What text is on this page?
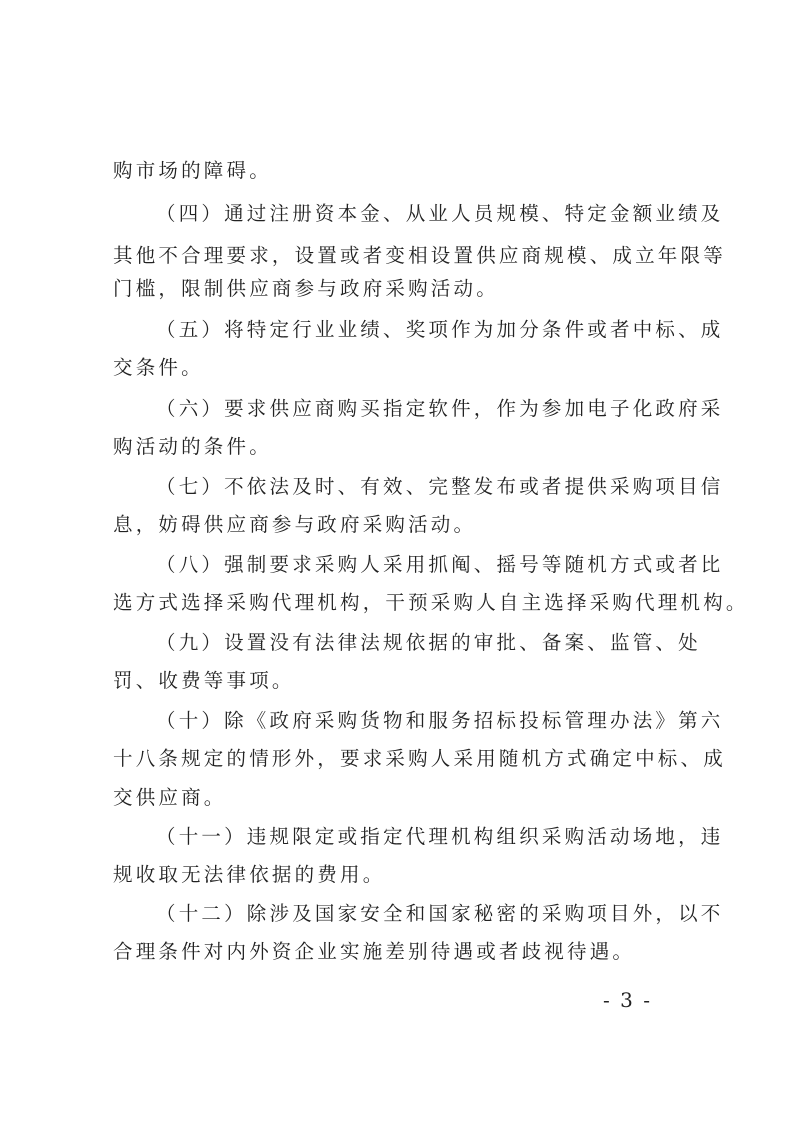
购市场的障碍。
（四）通过注册资本金、从业人员规模、特定金额业绩及
其他不合理要求，设置或者变相设置供应商规模、成立年限等
门槛，限制供应商参与政府采购活动。
（五）将特定行业业绩、奖项作为加分条件或者中标、成
交条件。
（六）要求供应商购买指定软件，作为参加电子化政府采
购活动的条件。
（七）不依法及时、有效、完整发布或者提供采购项目信
息，妨碍供应商参与政府采购活动。
（八）强制要求采购人采用抓阄、摇号等随机方式或者比
选方式选择采购代理机构，干预采购人自主选择采购代理机构。
（九）设置没有法律法规依据的审批、备案、监管、处
罚、收费等事项。
（十）除《政府采购货物和服务招标投标管理办法》第六
十八条规定的情形外，要求采购人采用随机方式确定中标、成
交供应商。
（十一）违规限定或指定代理机构组织采购活动场地，违
规收取无法律依据的费用。
（十二）除涉及国家安全和国家秘密的采购项目外，以不
合理条件对内外资企业实施差别待遇或者歧视待遇。
- 3 -
